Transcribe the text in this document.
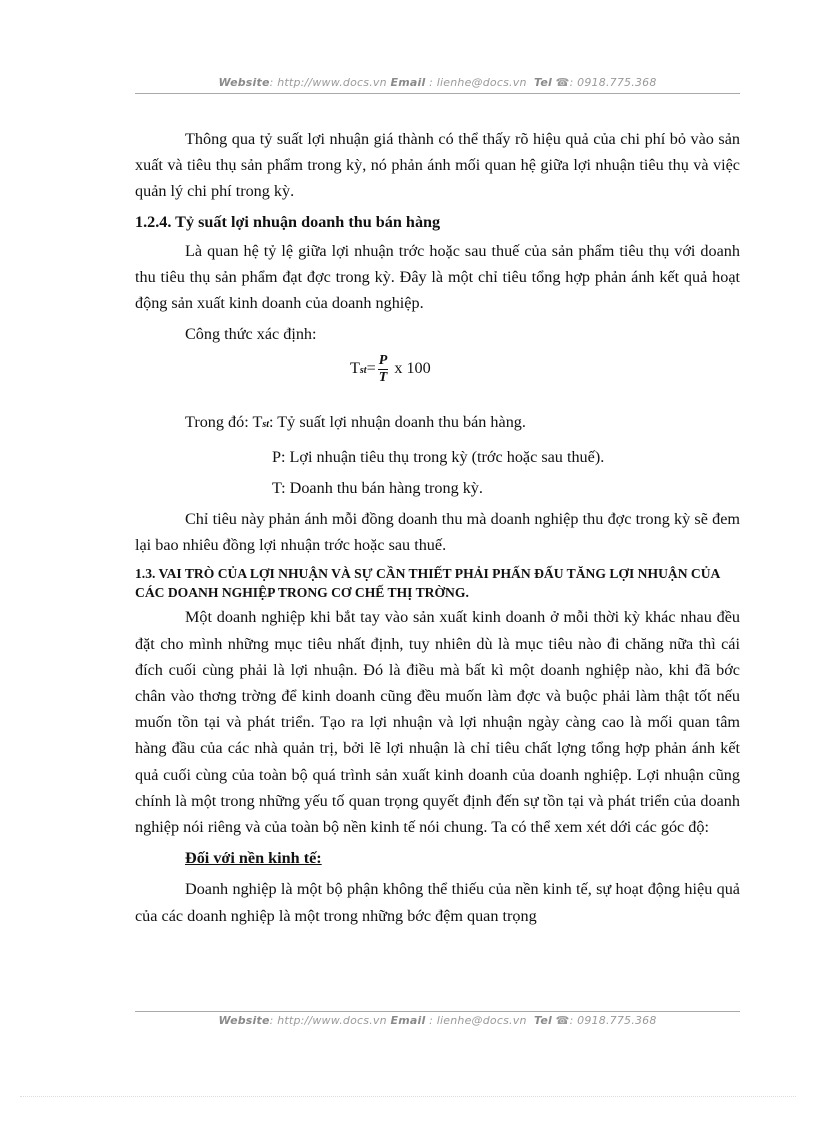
Website: http://www.docs.vn Email : lienhe@docs.vn Tel ☎: 0918.775.368

Thông qua tỷ suất lợi nhuận giá thành có thể thấy rõ hiệu quả của chi phí bỏ vào sản xuất và tiêu thụ sản phẩm trong kỳ, nó phản ánh mối quan hệ giữa lợi nhuận tiêu thụ và việc quản lý chi phí trong kỳ.

1.2.4. Tỷ suất lợi nhuận doanh thu bán hàng

Là quan hệ tỷ lệ giữa lợi nhuận trớc hoặc sau thuế của sản phẩm tiêu thụ với doanh thu tiêu thụ sản phẩm đạt đợc trong kỳ. Đây là một chỉ tiêu tổng hợp phản ánh kết quả hoạt động sản xuất kinh doanh của doanh nghiệp.

Công thức xác định:

$Tst= \frac{P}{T}$ x 100

Trong đó: Tst: Tỷ suất lợi nhuận doanh thu bán hàng.

P: Lợi nhuận tiêu thụ trong kỳ (trớc hoặc sau thuế).

T: Doanh thu bán hàng trong kỳ.

Chỉ tiêu này phản ánh mỗi đồng doanh thu mà doanh nghiệp thu đợc trong kỳ sẽ đem lại bao nhiêu đồng lợi nhuận trớc hoặc sau thuế.

1.3. VAI TRÒ CỦA LỢI NHUẬN VÀ SỰ CẦN THIẾT PHẢI PHẤN ĐẤU TĂNG LỢI NHUẬN CỦA CÁC DOANH NGHIỆP TRONG CƠ CHẾ THỊ TRỜNG.

Một doanh nghiệp khi bắt tay vào sản xuất kinh doanh ở mỗi thời kỳ khác nhau đều đặt cho mình những mục tiêu nhất định, tuy nhiên dù là mục tiêu nào đi chăng nữa thì cái đích cuối cùng phải là lợi nhuận. Đó là điều mà bất kì một doanh nghiệp nào, khi đã bớc chân vào thơng trờng để kinh doanh cũng đều muốn làm đợc và buộc phải làm thật tốt nếu muốn tồn tại và phát triển. Tạo ra lợi nhuận và lợi nhuận ngày càng cao là mối quan tâm hàng đầu của các nhà quản trị, bởi lẽ lợi nhuận là chỉ tiêu chất lợng tổng hợp phản ánh kết quả cuối cùng của toàn bộ quá trình sản xuất kinh doanh của doanh nghiệp. Lợi nhuận cũng chính là một trong những yếu tố quan trọng quyết định đến sự tồn tại và phát triển của doanh nghiệp nói riêng và của toàn bộ nền kinh tế nói chung. Ta có thể xem xét dới các góc độ:

Đối với nền kinh tế:

Doanh nghiệp là một bộ phận không thể thiếu của nền kinh tế, sự hoạt động hiệu quả của các doanh nghiệp là một trong những bớc đệm quan trọng

Website: http://www.docs.vn Email : lienhe@docs.vn Tel ☎: 0918.775.368
